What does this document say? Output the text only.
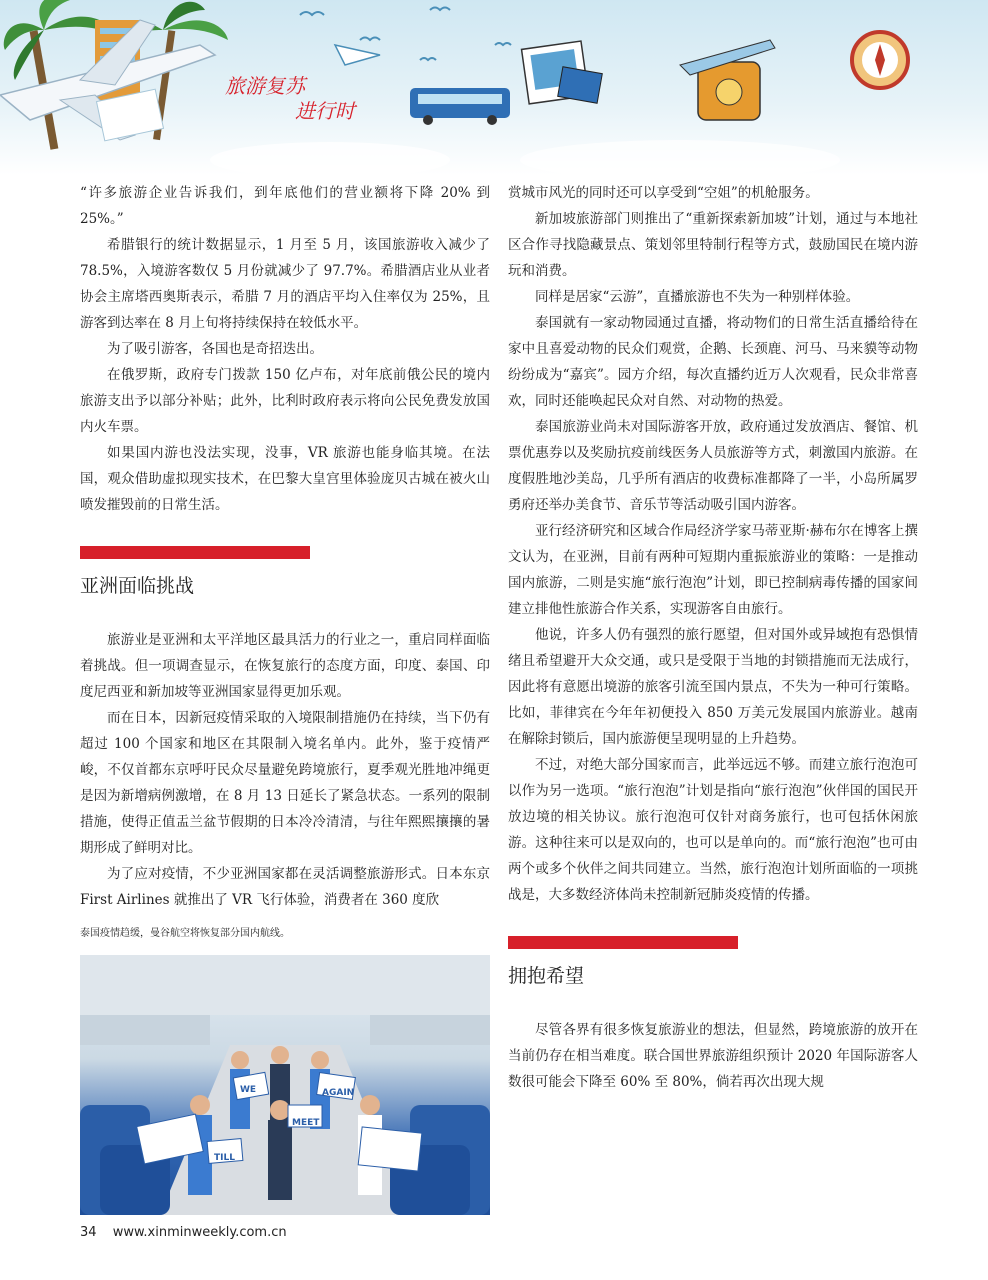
旅游复苏
进行时

“许多旅游企业告诉我们，到年底他们的营业额将下降 20% 到 25%。”

希腊银行的统计数据显示，1 月至 5 月，该国旅游收入减少了 78.5%，入境游客数仅 5 月份就减少了 97.7%。希腊酒店业从业者协会主席塔西奥斯表示，希腊 7 月的酒店平均入住率仅为 25%，且游客到达率在 8 月上旬将持续保持在较低水平。

为了吸引游客，各国也是奇招迭出。

在俄罗斯，政府专门拨款 150 亿卢布，对年底前俄公民的境内旅游支出予以部分补贴；此外，比利时政府表示将向公民免费发放国内火车票。

如果国内游也没法实现，没事，VR 旅游也能身临其境。在法国，观众借助虚拟现实技术，在巴黎大皇宫里体验庞贝古城在被火山喷发摧毁前的日常生活。

亚洲面临挑战

旅游业是亚洲和太平洋地区最具活力的行业之一，重启同样面临着挑战。但一项调查显示，在恢复旅行的态度方面，印度、泰国、印度尼西亚和新加坡等亚洲国家显得更加乐观。

而在日本，因新冠疫情采取的入境限制措施仍在持续，当下仍有超过 100 个国家和地区在其限制入境名单内。此外，鉴于疫情严峻，不仅首都东京呼吁民众尽量避免跨境旅行，夏季观光胜地冲绳更是因为新增病例激增，在 8 月 13 日延长了紧急状态。一系列的限制措施，使得正值盂兰盆节假期的日本冷冷清清，与往年熙熙攘攘的暑期形成了鲜明对比。

为了应对疫情，不少亚洲国家都在灵活调整旅游形式。日本东京 First Airlines 就推出了 VR 飞行体验，消费者在 360 度欣

泰国疫情趋缓，曼谷航空将恢复部分国内航线。
WE
TILL
MEET
AGAIN

赏城市风光的同时还可以享受到“空姐”的机舱服务。

新加坡旅游部门则推出了“重新探索新加坡”计划，通过与本地社区合作寻找隐藏景点、策划邻里特制行程等方式，鼓励国民在境内游玩和消费。

同样是居家“云游”，直播旅游也不失为一种别样体验。

泰国就有一家动物园通过直播，将动物们的日常生活直播给待在家中且喜爱动物的民众们观赏，企鹅、长颈鹿、河马、马来貘等动物纷纷成为“嘉宾”。园方介绍，每次直播约近万人次观看，民众非常喜欢，同时还能唤起民众对自然、对动物的热爱。

泰国旅游业尚未对国际游客开放，政府通过发放酒店、餐馆、机票优惠券以及奖励抗疫前线医务人员旅游等方式，刺激国内旅游。在度假胜地沙美岛，几乎所有酒店的收费标准都降了一半，小岛所属罗勇府还举办美食节、音乐节等活动吸引国内游客。

亚行经济研究和区域合作局经济学家马蒂亚斯·赫布尔在博客上撰文认为，在亚洲，目前有两种可短期内重振旅游业的策略：一是推动国内旅游，二则是实施“旅行泡泡”计划，即已控制病毒传播的国家间建立排他性旅游合作关系，实现游客自由旅行。

他说，许多人仍有强烈的旅行愿望，但对国外或异域抱有恐惧情绪且希望避开大众交通，或只是受限于当地的封锁措施而无法成行，因此将有意愿出境游的旅客引流至国内景点，不失为一种可行策略。比如，菲律宾在今年年初便投入 850 万美元发展国内旅游业。越南在解除封锁后，国内旅游便呈现明显的上升趋势。

不过，对绝大部分国家而言，此举远远不够。而建立旅行泡泡可以作为另一选项。“旅行泡泡”计划是指向“旅行泡泡”伙伴国的国民开放边境的相关协议。旅行泡泡可仅针对商务旅行，也可包括休闲旅游。这种往来可以是双向的，也可以是单向的。而“旅行泡泡”也可由两个或多个伙伴之间共同建立。当然，旅行泡泡计划所面临的一项挑战是，大多数经济体尚未控制新冠肺炎疫情的传播。

拥抱希望

尽管各界有很多恢复旅游业的想法，但显然，跨境旅游的放开在当前仍存在相当难度。联合国世界旅游组织预计 2020 年国际游客人数很可能会下降至 60% 至 80%，倘若再次出现大规

34 www.xinminweekly.com.cn
